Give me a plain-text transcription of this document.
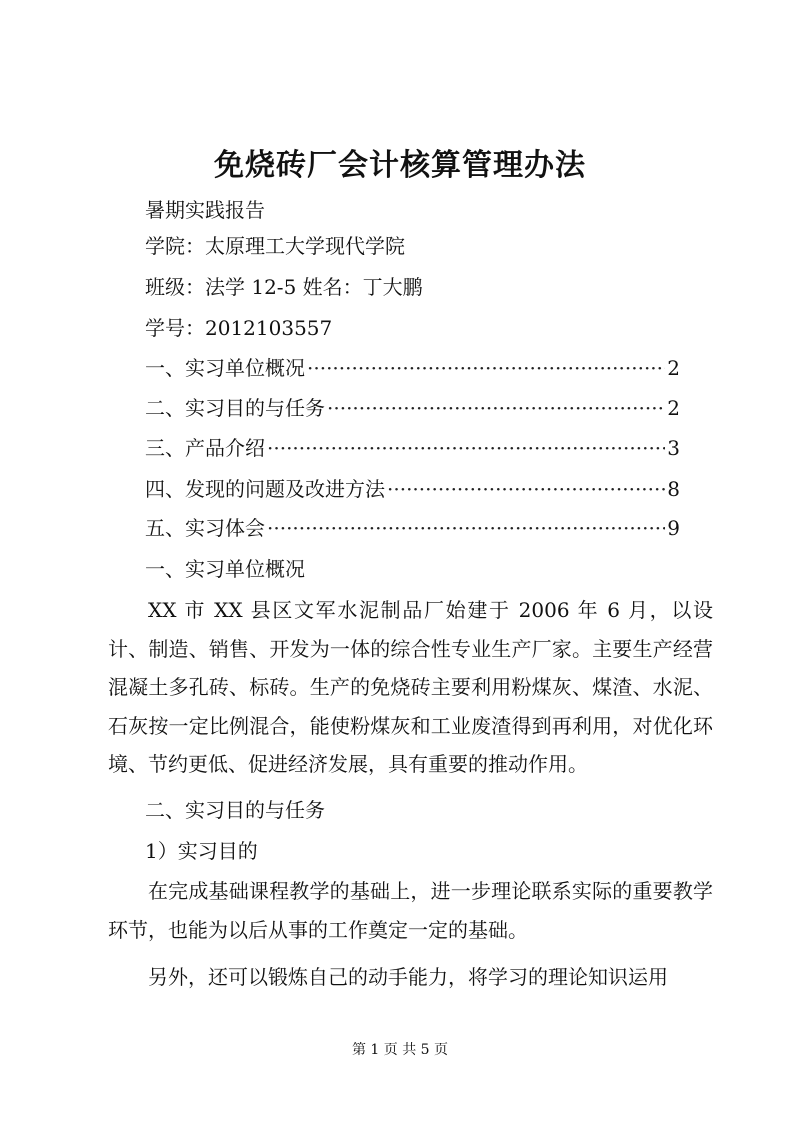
免烧砖厂会计核算管理办法
暑期实践报告
学院：太原理工大学现代学院
班级：法学 12-5 姓名：丁大鹏
学号：2012103557
一、实习单位概况 ·····	2
二、实习目的与任务 ·····	2
三、产品介绍 ·····	3
四、发现的问题及改进方法 ·····	8
五、实习体会 ·····	9
一、实习单位概况
XX 市 XX 县区文军水泥制品厂始建于 2006 年 6 月，以设计、制造、销售、开发为一体的综合性专业生产厂家。主要生产经营混凝土多孔砖、标砖。生产的免烧砖主要利用粉煤灰、煤渣、水泥、石灰按一定比例混合，能使粉煤灰和工业废渣得到再利用，对优化环境、节约更低、促进经济发展，具有重要的推动作用。
二、实习目的与任务
1）实习目的
在完成基础课程教学的基础上，进一步理论联系实际的重要教学环节，也能为以后从事的工作奠定一定的基础。
另外，还可以锻炼自己的动手能力，将学习的理论知识运用
第 1 页 共 5 页
